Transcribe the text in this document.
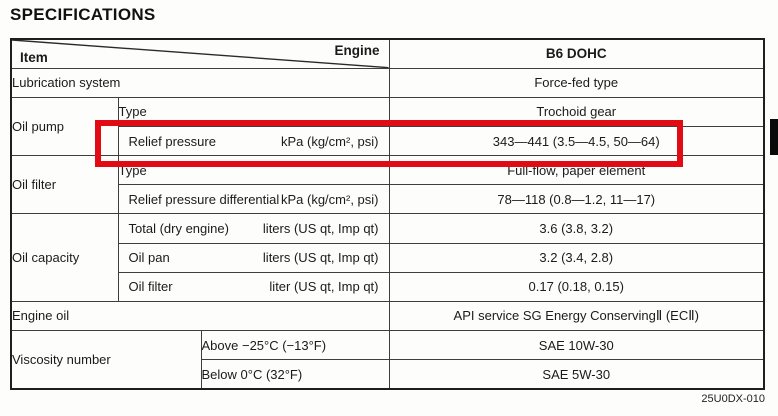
SPECIFICATIONS
Engine
Item			B6 DOHC
Lubrication system			Force-fed type
Oil pump	Type		Trochoid gear

	Relief pressure kPa (kg/cm², psi)		343—441 (3.5—4.5, 50—64)
Oil filter	Type		Full-flow, paper element

	Relief pressure differential kPa (kg/cm², psi)		78—118 (0.8—1.2, 11—17)
Oil capacity	Total (dry engine) liters (US qt, Imp qt)		3.6 (3.8, 3.2)

	Oil pan liters (US qt, Imp qt)		3.2 (3.4, 2.8)

	Oil filter liter (US qt, Imp qt)		0.17 (0.18, 0.15)
Engine oil			API service SG Energy ConservingⅡ (ECⅡ)
Viscosity number		Above −25°C (−13°F)	SAE 10W-30
		Below 0°C (32°F)	SAE 5W-30
25U0DX-010
